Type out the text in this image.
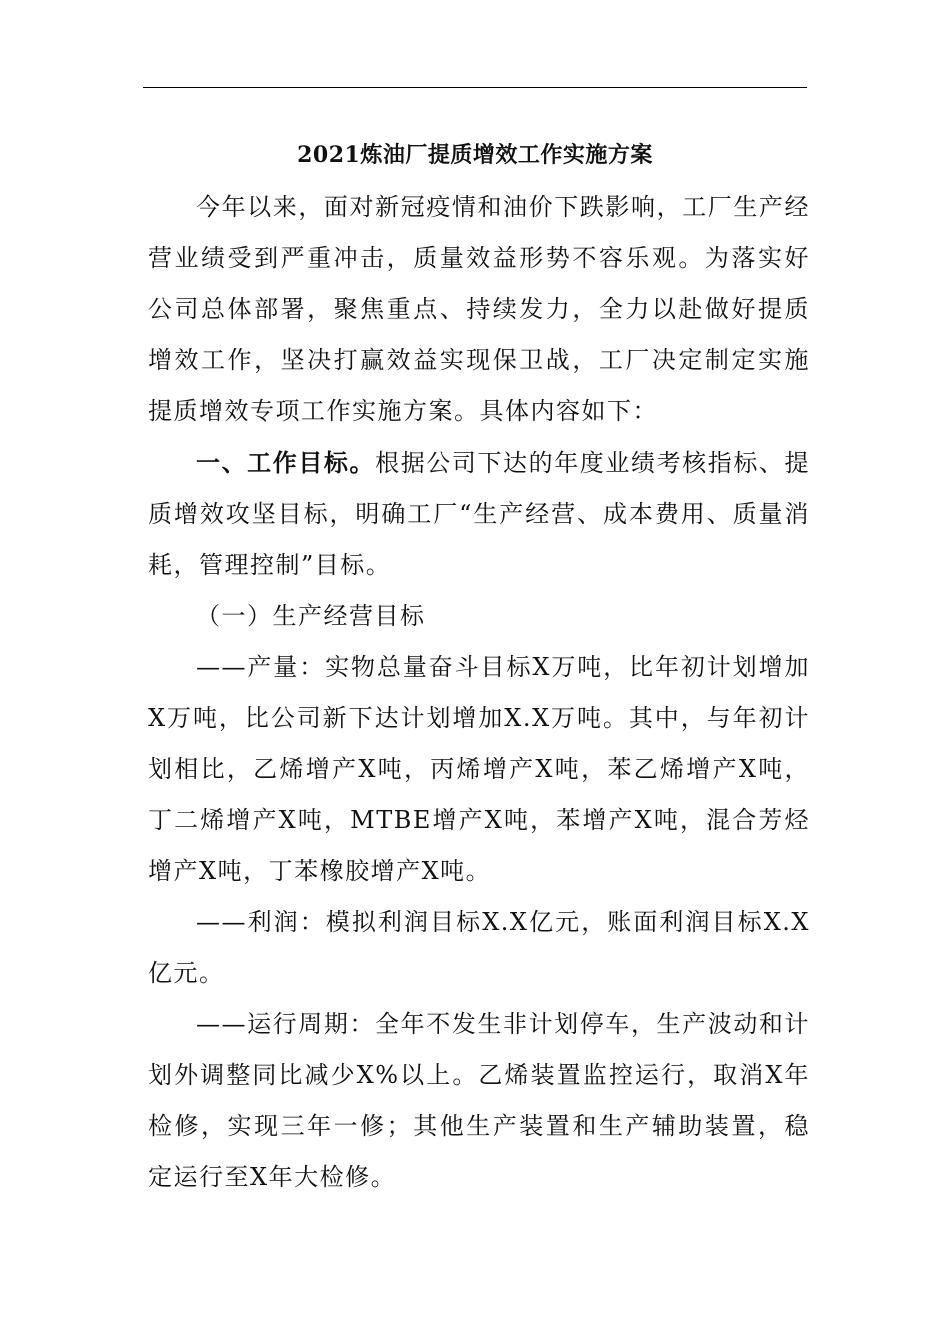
2021炼油厂提质增效工作实施方案

今年以来，面对新冠疫情和油价下跌影响，工厂生产经营业绩受到严重冲击，质量效益形势不容乐观。为落实好公司总体部署，聚焦重点、持续发力，全力以赴做好提质增效工作，坚决打赢效益实现保卫战，工厂决定制定实施提质增效专项工作实施方案。具体内容如下：

一、工作目标。根据公司下达的年度业绩考核指标、提质增效攻坚目标，明确工厂“生产经营、成本费用、质量消耗，管理控制”目标。

（一）生产经营目标

——产量：实物总量奋斗目标X万吨，比年初计划增加X万吨，比公司新下达计划增加X.X万吨。其中，与年初计划相比，乙烯增产X吨，丙烯增产X吨，苯乙烯增产X吨，丁二烯增产X吨，MTBE增产X吨，苯增产X吨，混合芳烃增产X吨，丁苯橡胶增产X吨。

——利润：模拟利润目标X.X亿元，账面利润目标X.X亿元。

——运行周期：全年不发生非计划停车，生产波动和计划外调整同比减少X%以上。乙烯装置监控运行，取消X年检修，实现三年一修；其他生产装置和生产辅助装置，稳定运行至X年大检修。
